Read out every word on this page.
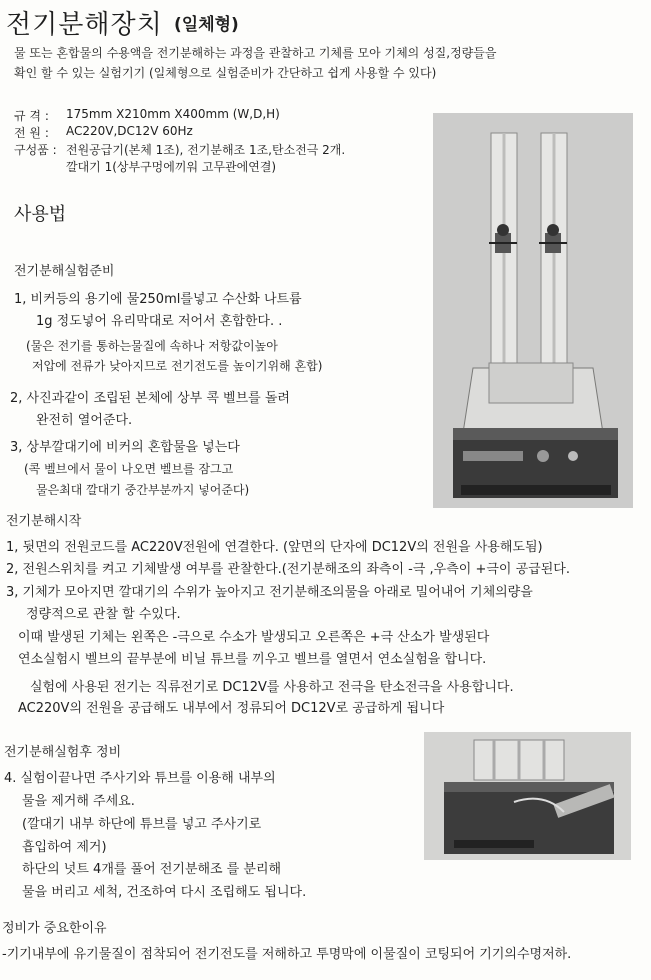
전기분해장치 (일체형)
물 또는 혼합물의 수용액을 전기분해하는 과정을 관찰하고 기체를 모아 기체의 성질,정량들을
확인 할 수 있는 실험기기 (일체형으로 실험준비가 간단하고 쉽게 사용할 수 있다)
규 격 : 175mm X210mm X400mm (W,D,H)
전 원 : AC220V,DC12V 60Hz
구성품 : 전원공급기(본체 1조), 전기분해조 1조,탄소전극 2개.
깔대기 1(상부구멍에끼워 고무관에연결)
사용법
전기분해실험준비
1, 비커등의 용기에 물250ml를넣고 수산화 나트륨
1g 정도넣어 유리막대로 저어서 혼합한다. .
(물은 전기를 통하는물질에 속하나 저항값이높아
저압에 전류가 낮아지므로 전기전도를 높이기위해 혼합)
2, 사진과같이 조립된 본체에 상부 콕 벨브를 돌려
완전히 열어준다.
3, 상부깔대기에 비커의 혼합물을 넣는다
(콕 벨브에서 물이 나오면 벨브를 잠그고
물은최대 깔대기 중간부분까지 넣어준다)
전기분해시작
1, 뒷면의 전원코드를 AC220V전원에 연결한다. (앞면의 단자에 DC12V의 전원을 사용해도됨)
2, 전원스위치를 켜고 기체발생 여부를 관찰한다.(전기분해조의 좌측이 -극 ,우측이 +극이 공급된다.
3, 기체가 모아지면 깔대기의 수위가 높아지고 전기분해조의물을 아래로 밀어내어 기체의량을
정량적으로 관찰 할 수있다.
이때 발생된 기체는 왼쪽은 -극으로 수소가 발생되고 오른쪽은 +극 산소가 발생된다
연소실험시 벨브의 끝부분에 비닐 튜브를 끼우고 벨브를 열면서 연소실험을 합니다.
실험에 사용된 전기는 직류전기로 DC12V를 사용하고 전극을 탄소전극을 사용합니다.
AC220V의 전원을 공급해도 내부에서 정류되어 DC12V로 공급하게 됩니다
전기분해실험후 정비
4. 실험이끝나면 주사기와 튜브를 이용해 내부의
물을 제거해 주세요.
(깔대기 내부 하단에 튜브를 넣고 주사기로
흡입하여 제거)
하단의 넛트 4개를 풀어 전기분해조 를 분리해
물을 버리고 세척, 건조하여 다시 조립해도 됩니다.
정비가 중요한이유
-기기내부에 유기물질이 점착되어 전기전도를 저해하고 투명막에 이물질이 코팅되어 기기의수명저하.
